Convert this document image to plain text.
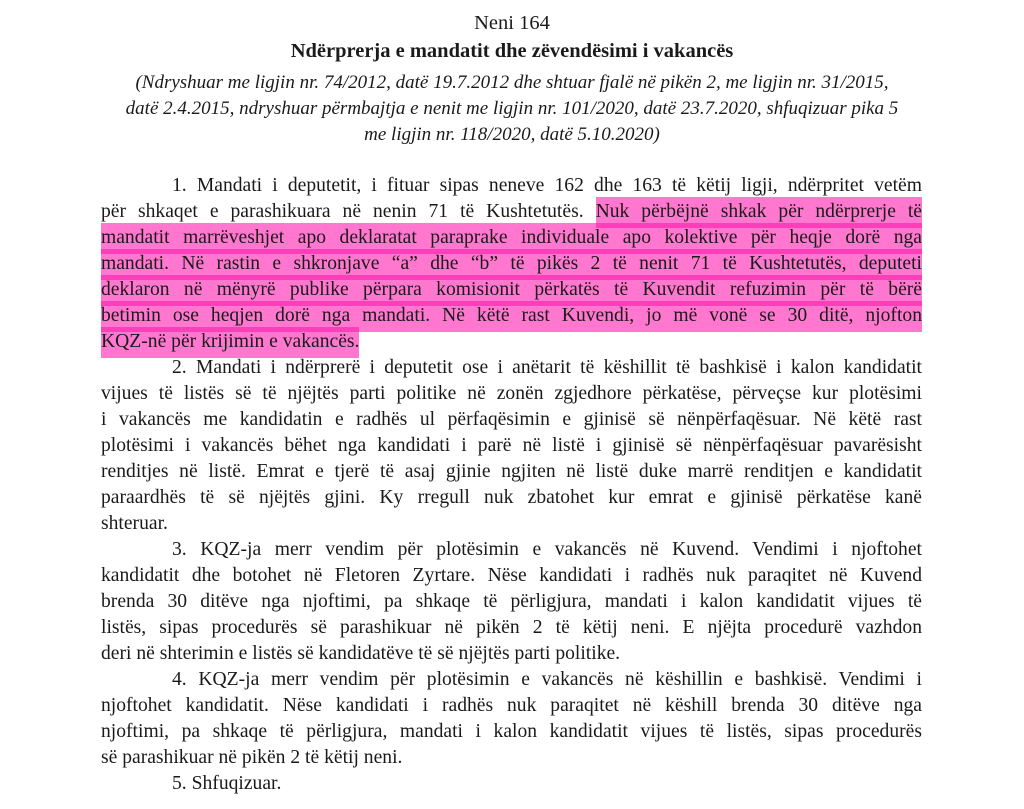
Neni 164
Ndërprerja e mandatit dhe zëvendësimi i vakancës
(Ndryshuar me ligjin nr. 74/2012, datë 19.7.2012 dhe shtuar fjalë në pikën 2, me ligjin nr. 31/2015,
datë 2.4.2015, ndryshuar përmbajtja e nenit me ligjin nr. 101/2020, datë 23.7.2020, shfuqizuar pika 5
me ligjin nr. 118/2020, datë 5.10.2020)
1. Mandati i deputetit, i fituar sipas neneve 162 dhe 163 të këtij ligji, ndërpritet vetëm
për shkaqet e parashikuara në nenin 71 të Kushtetutës. Nuk përbëjnë shkak për ndërprerje të
mandatit marrëveshjet apo deklaratat paraprake individuale apo kolektive për heqje dorë nga
mandati. Në rastin e shkronjave “a” dhe “b” të pikës 2 të nenit 71 të Kushtetutës, deputeti
deklaron në mënyrë publike përpara komisionit përkatës të Kuvendit refuzimin për të bërë
betimin ose heqjen dorë nga mandati. Në këtë rast Kuvendi, jo më vonë se 30 ditë, njofton
KQZ-në për krijimin e vakancës.
2. Mandati i ndërprerë i deputetit ose i anëtarit të këshillit të bashkisë i kalon kandidatit
vijues të listës së të njëjtës parti politike në zonën zgjedhore përkatëse, përveçse kur plotësimi
i vakancës me kandidatin e radhës ul përfaqësimin e gjinisë së nënpërfaqësuar. Në këtë rast
plotësimi i vakancës bëhet nga kandidati i parë në listë i gjinisë së nënpërfaqësuar pavarësisht
renditjes në listë. Emrat e tjerë të asaj gjinie ngjiten në listë duke marrë renditjen e kandidatit
paraardhës të së njëjtës gjini. Ky rregull nuk zbatohet kur emrat e gjinisë përkatëse kanë
shteruar.
3. KQZ-ja merr vendim për plotësimin e vakancës në Kuvend. Vendimi i njoftohet
kandidatit dhe botohet në Fletoren Zyrtare. Nëse kandidati i radhës nuk paraqitet në Kuvend
brenda 30 ditëve nga njoftimi, pa shkaqe të përligjura, mandati i kalon kandidatit vijues të
listës, sipas procedurës së parashikuar në pikën 2 të këtij neni. E njëjta procedurë vazhdon
deri në shterimin e listës së kandidatëve të së njëjtës parti politike.
4. KQZ-ja merr vendim për plotësimin e vakancës në këshillin e bashkisë. Vendimi i
njoftohet kandidatit. Nëse kandidati i radhës nuk paraqitet në këshill brenda 30 ditëve nga
njoftimi, pa shkaqe të përligjura, mandati i kalon kandidatit vijues të listës, sipas procedurës
së parashikuar në pikën 2 të këtij neni.
5. Shfuqizuar.
